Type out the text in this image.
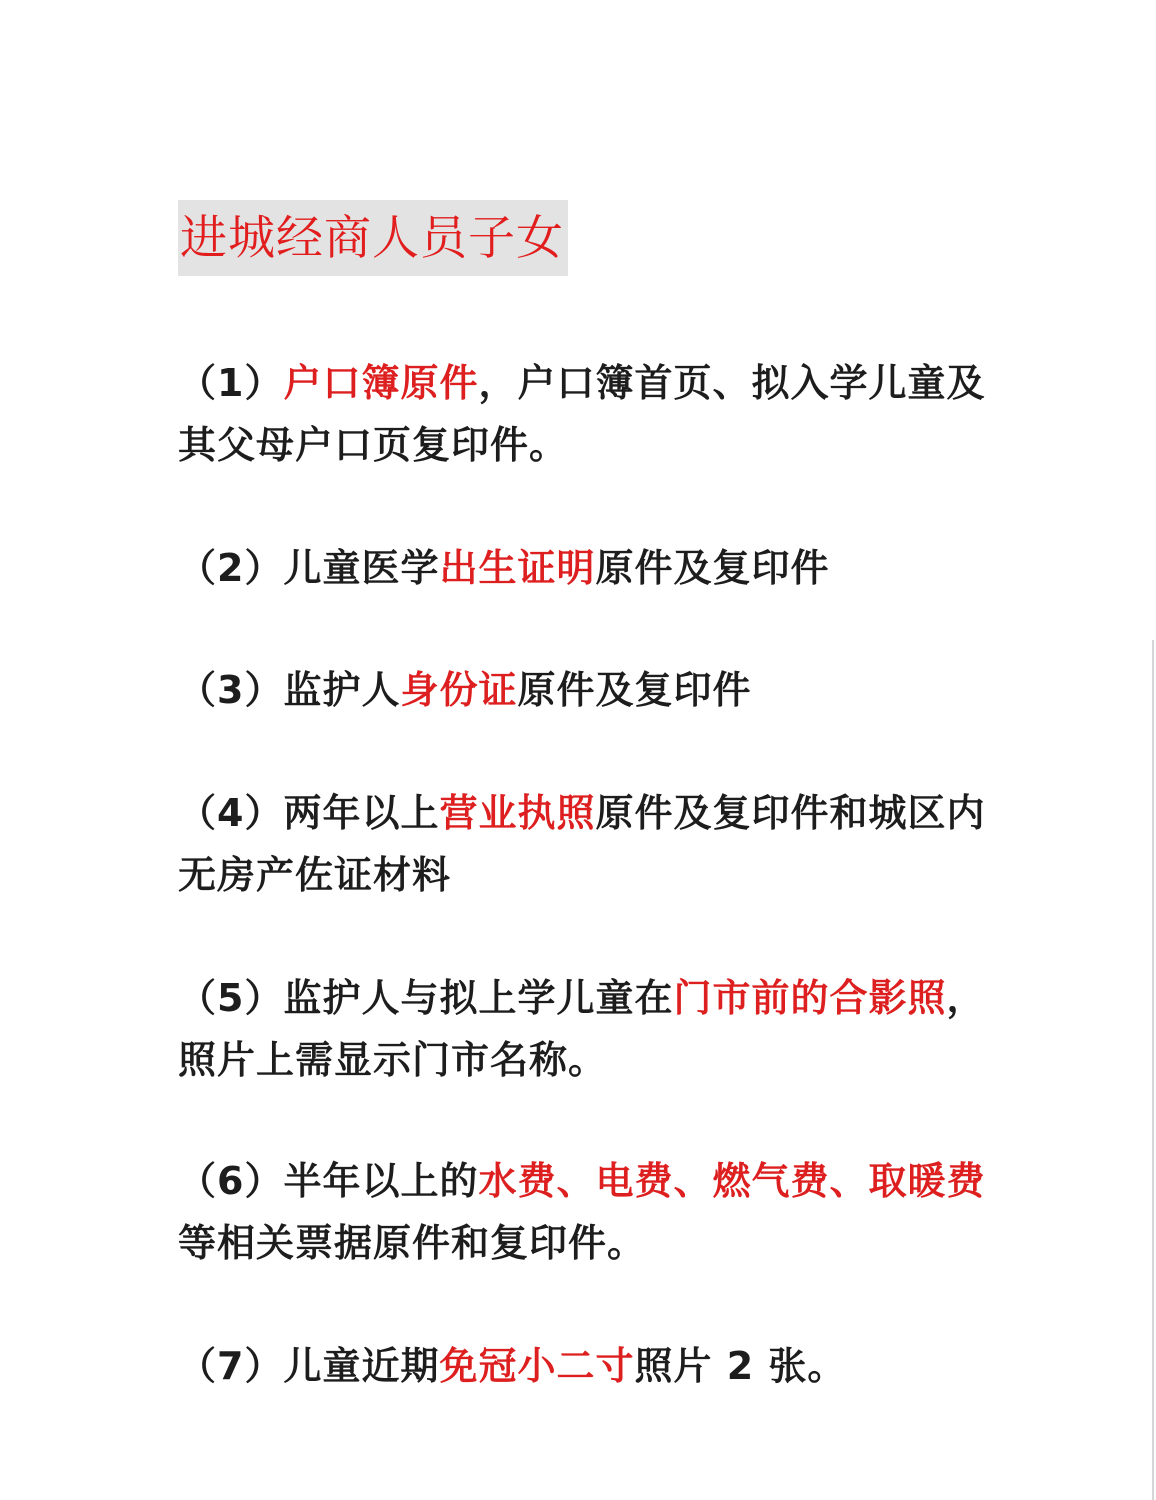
进城经商人员子女
（1）户口簿原件，户口簿首页、拟入学儿童及其父母户口页复印件。
（2）儿童医学出生证明原件及复印件
（3）监护人身份证原件及复印件
（4）两年以上营业执照原件及复印件和城区内无房产佐证材料
（5）监护人与拟上学儿童在门市前的合影照，照片上需显示门市名称。
（6）半年以上的水费、电费、燃气费、取暖费等相关票据原件和复印件。
（7）儿童近期免冠小二寸照片 2 张。
